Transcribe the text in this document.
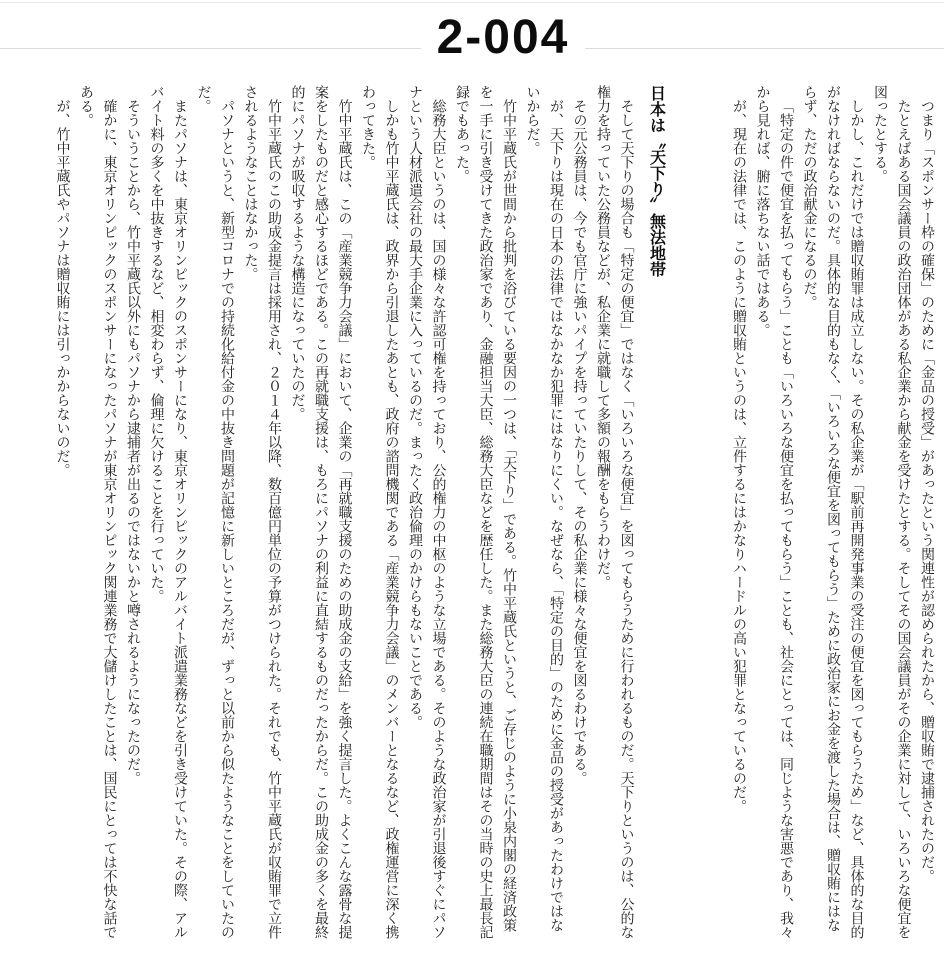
2-004

つまり「スポンサー枠の確保」のために「金品の授受」があったという関連性が認められたから、贈収賄で逮捕されたのだ。

たとえばある国会議員の政治団体がある私企業から献金を受けたとする。そしてその国会議員がその企業に対して、いろいろな便宜を図ったとする。

しかし、これだけでは贈収賄罪は成立しない。その私企業が「駅前再開発事業の受注の便宜を図ってもらうため」など、具体的な目的がなければならないのだ。具体的な目的もなく、「いろいろな便宜を図ってもらう」ために政治家にお金を渡した場合は、贈収賄にはならず、ただの政治献金になるのだ。

「特定の件で便宜を払ってもらう」ことも「いろいろな便宜を払ってもらう」ことも、社会にとっては、同じような害悪であり、我々から見れば、腑に落ちない話ではある。

が、現在の法律では、このように贈収賄というのは、立件するにはかなりハードルの高い犯罪となっているのだ。

日本は〝天下り〟無法地帯

そして天下りの場合も「特定の便宜」ではなく「いろいろな便宜」を図ってもらうために行われるものだ。天下りというのは、公的な権力を持っていた公務員などが、私企業に就職して多額の報酬をもらうわけだ。

その元公務員は、今でも官庁に強いパイプを持っていたりして、その私企業に様々な便宜を図るわけである。

が、天下りは現在の日本の法律ではなかなか犯罪にはなりにくい。なぜなら、「特定の目的」のために金品の授受があったわけではないからだ。

竹中平蔵氏が世間から批判を浴びている要因の一つは、「天下り」である。竹中平蔵氏というと、ご存じのように小泉内閣の経済政策を一手に引き受けてきた政治家であり、金融担当大臣、総務大臣などを歴任した。また総務大臣の連続在職期間はその当時の史上最長記録でもあった。

総務大臣というのは、国の様々な許認可権を持っており、公的権力の中枢のような立場である。そのような政治家が引退後すぐにパソナという人材派遣会社の最大手企業に入っているのだ。まったく政治倫理のかけらもないことである。

しかも竹中平蔵氏は、政界から引退したあとも、政府の諮問機関である「産業競争力会議」のメンバーとなるなど、政権運営に深く携わってきた。

竹中平蔵氏は、この「産業競争力会議」において、企業の「再就職支援のための助成金の支給」を強く提言した。よくこんな露骨な提案をしたものだと感心するほどである。この再就職支援は、もろにパソナの利益に直結するものだったからだ。この助成金の多くを最終的にパソナが吸収するような構造になっていたのだ。

竹中平蔵氏のこの助成金提言は採用され、２０１４年以降、数百億円単位の予算がつけられた。それでも、竹中平蔵氏が収賄罪で立件されるようなことはなかった。

パソナというと、新型コロナでの持続化給付金の中抜き問題が記憶に新しいところだが、ずっと以前から似たようなことをしていたのだ。

またパソナは、東京オリンピックのスポンサーになり、東京オリンピックのアルバイト派遣業務などを引き受けていた。その際、アルバイト料の多くを中抜きするなど、相変わらず、倫理に欠けることを行っていた。

そういうことから、竹中平蔵氏以外にもパソナから逮捕者が出るのではないかと噂されるようになったのだ。

確かに、東京オリンピックのスポンサーになったパソナが東京オリンピック関連業務で大儲けしたことは、国民にとっては不快な話である。

が、竹中平蔵氏やパソナは贈収賄には引っかからないのだ。
